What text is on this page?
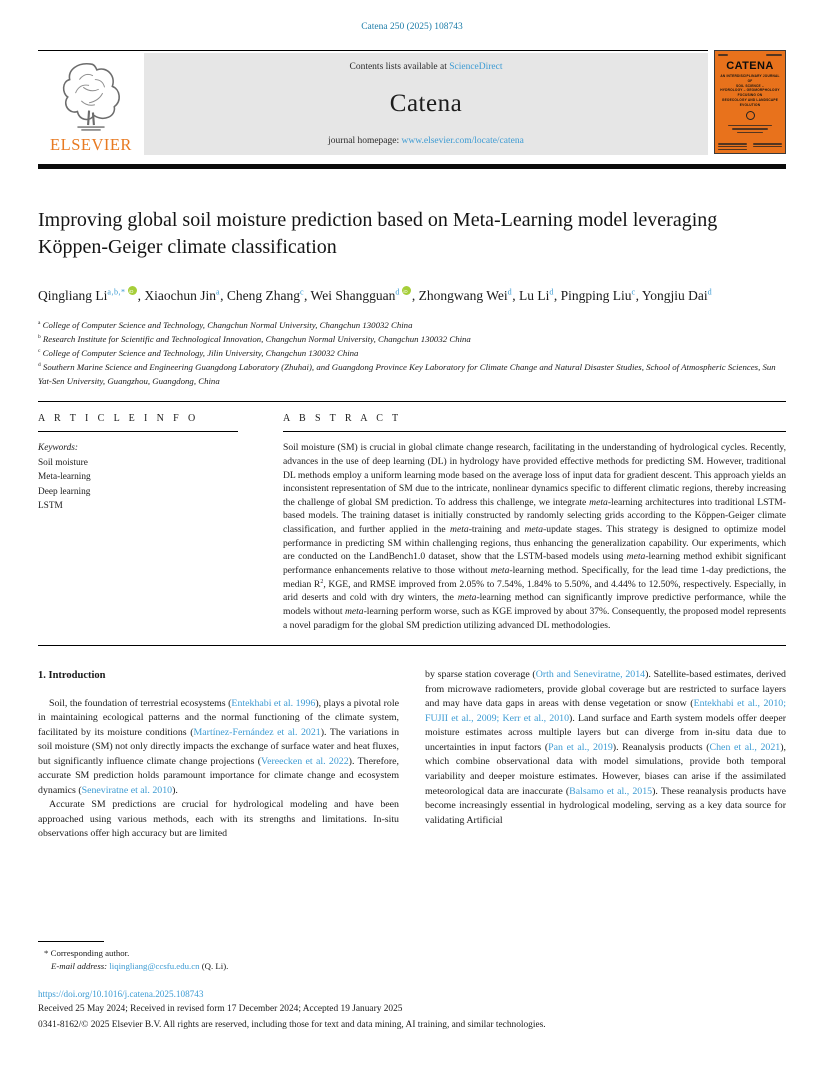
Catena 250 (2025) 108743
ELSEVIER
Contents lists available at ScienceDirect
Catena
journal homepage: www.elsevier.com/locate/catena
CATENA
AN INTERDISCIPLINARY JOURNAL OF
SOIL SCIENCE –
HYDROLOGY – GEOMORPHOLOGY
FOCUSING ON
GEOECOLOGY AND LANDSCAPE EVOLUTION
Improving global soil moisture prediction based on Meta-Learning model leveraging Köppen-Geiger climate classification
Qingliang $Li^{a,b,*}$ iD , Xiaochun Jin$^a$, Cheng Zhang$^c$, Wei Shangguan$^d$ iD , Zhongwang Wei$^d$, Lu Li$^d$, Pingping Liu$^c$, Yongjiu Dai$^d$

$^a$ College of Computer Science and Technology, Changchun Normal University, Changchun 130032 China

$^b$ Research Institute for Scientific and Technological Innovation, Changchun Normal University, Changchun 130032 China

$^c$ College of Computer Science and Technology, Jilin University, Changchun 130032 China

$^d$ Southern Marine Science and Engineering Guangdong Laboratory (Zhuhai), and Guangdong Province Key Laboratory for Climate Change and Natural Disaster Studies, School of Atmospheric Sciences, Sun Yat-Sen University, Guangzhou, Guangdong, China

A R T I C L E I N F O
Keywords:
Soil moisture
Meta-learning
Deep learning
LSTM
A B S T R A C T
Soil moisture (SM) is crucial in global climate change research, facilitating in the understanding of hydrological cycles. Recently, advances in the use of deep learning (DL) in hydrology have provided effective methods for predicting SM. However, traditional DL methods employ a uniform learning mode based on the average loss of input data for gradient descent. This approach yields an inconsistent representation of SM due to the intricate, nonlinear dynamics specific to different climatic regions, thereby increasing the challenge of global SM prediction. To address this challenge, we integrate meta-learning architectures into traditional LSTM-based models. The training dataset is initially constructed by randomly selecting grids according to the Köppen-Geiger climate classification, and further applied in the meta-training and meta-update stages. This strategy is designed to optimize model performance in predicting SM within challenging regions, thus enhancing the generalization capability. Our experiments, which are conducted on the LandBench1.0 dataset, show that the LSTM-based models using meta-learning method exhibit significant performance enhancements relative to those without meta-learning method. Specifically, for the lead time 1-day predictions, the median $R^2$, KGE, and RMSE improved from 2.05% to 7.54%, 1.84% to 5.50%, and 4.44% to 12.50%, respectively. Especially, in arid deserts and cold with dry winters, the meta-learning method can significantly improve predictive performance, while the models without meta-learning perform worse, such as KGE improved by about 37%. Consequently, the proposed model represents a novel paradigm for the global SM prediction utilizing advanced DL methodologies.
1. Introduction

Soil, the foundation of terrestrial ecosystems (Entekhabi et al. 1996), plays a pivotal role in maintaining ecological patterns and the normal functioning of the climate system, facilitated by its moisture conditions (Martínez-Fernández et al. 2021). The variations in soil moisture (SM) not only directly impacts the exchange of surface water and heat fluxes, but significantly influence climate change projections (Vereecken et al. 2022). Therefore, accurate SM prediction holds paramount importance for climate change and ecosystem dynamics (Seneviratne et al. 2010).

Accurate SM predictions are crucial for hydrological modeling and have been approached using various methods, each with its strengths and limitations. In-situ observations offer high accuracy but are limited

* Corresponding author.
E-mail address: liqingliang@ccsfu.edu.cn (Q. Li).

by sparse station coverage (Orth and Seneviratne, 2014). Satellite-based estimates, derived from microwave radiometers, provide global coverage but are restricted to surface layers and may have data gaps in areas with dense vegetation or snow (Entekhabi et al., 2010; FUJII et al., 2009; Kerr et al., 2010). Land surface and Earth system models offer deeper moisture estimates across multiple layers but can diverge from in-situ data due to uncertainties in input factors (Pan et al., 2019). Reanalysis products (Chen et al., 2021), which combine observational data with model simulations, provide both temporal variability and deeper moisture estimates. However, biases can arise if the assimilated meteorological data are inaccurate (Balsamo et al., 2015). These reanalysis products have become increasingly essential in hydrological modeling, serving as a key data source for validating Artificial

https://doi.org/10.1016/j.catena.2025.108743
Received 25 May 2024; Received in revised form 17 December 2024; Accepted 19 January 2025
0341-8162/© 2025 Elsevier B.V. All rights are reserved, including those for text and data mining, AI training, and similar technologies.
